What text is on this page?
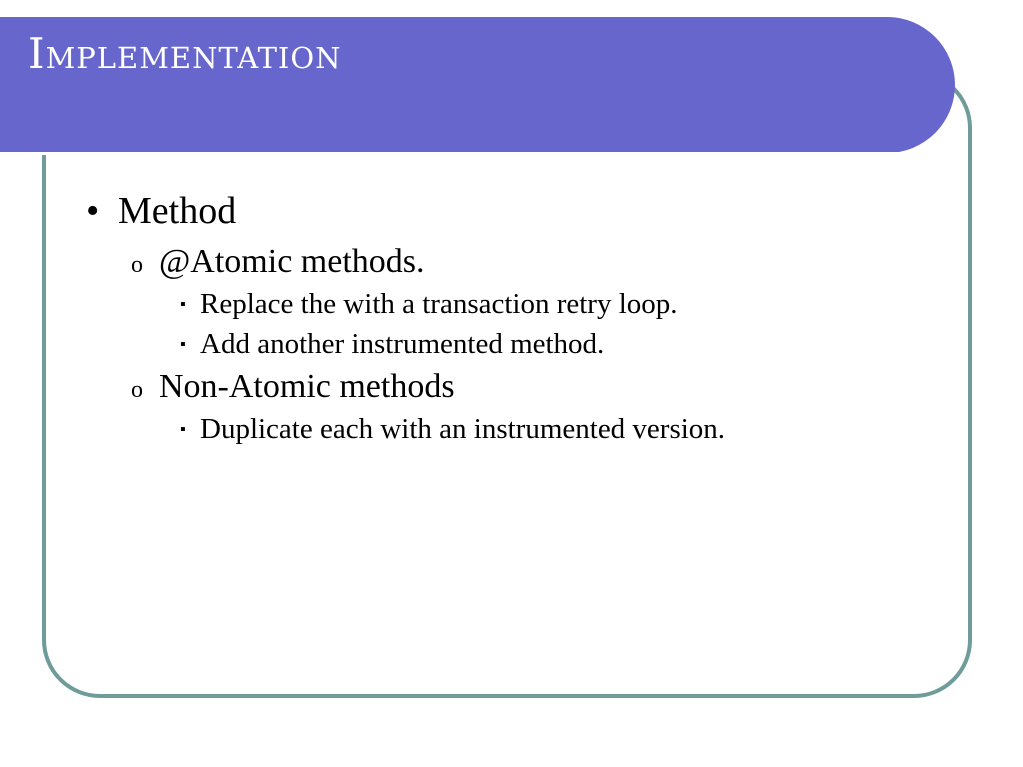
Implementation
• Method
o @Atomic methods.
▪ Replace the with a transaction retry loop.
▪ Add another instrumented method.
o Non-Atomic methods
▪ Duplicate each with an instrumented version.
